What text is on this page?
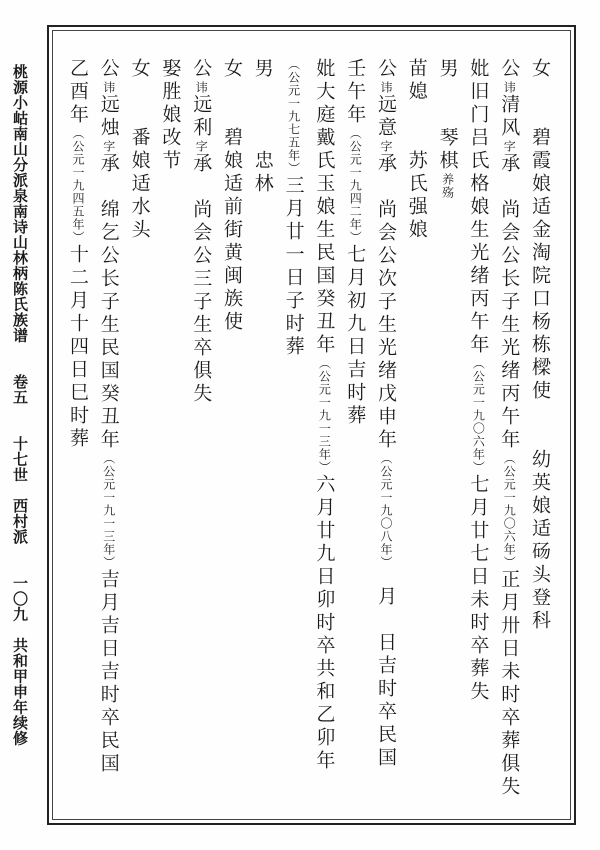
桃源小岵南山分派泉南诗山林柄陈氏族谱　　卷五　　十七世　西村派　　一〇九　共和甲申年续修
女　　碧霞娘适金淘院口杨栋樑使　　幼英娘适砀头登科
公讳清风字承　尚会公长子生光绪丙午年（公元一九〇六年）正月卅日未时卒葬俱失
妣旧门吕氏格娘生光绪丙午年（公元一九〇六年）七月廿七日未时卒葬失
男　　琴棋养殇
苗媳　　苏氏强娘
公讳远意字承　尚会公次子生光绪戊申年（公元一九〇八年）　月　日吉时卒民国
壬午年（公元一九四二年）七月初九日吉时葬
妣大庭戴氏玉娘生民国癸丑年（公元一九一三年）六月廿九日卯时卒共和乙卯年
（公元一九七五年）三月廿一日子时葬
男　　　忠林
女　　碧娘适前街黄闽族使
公讳远利字承　尚会公三子生卒俱失
娶胜娘改节
女　　番娘适水头
公讳远烛字承　绵乞公长子生民国癸丑年（公元一九一三年）吉月吉日吉时卒民国
乙酉年（公元一九四五年）十二月十四日巳时葬
